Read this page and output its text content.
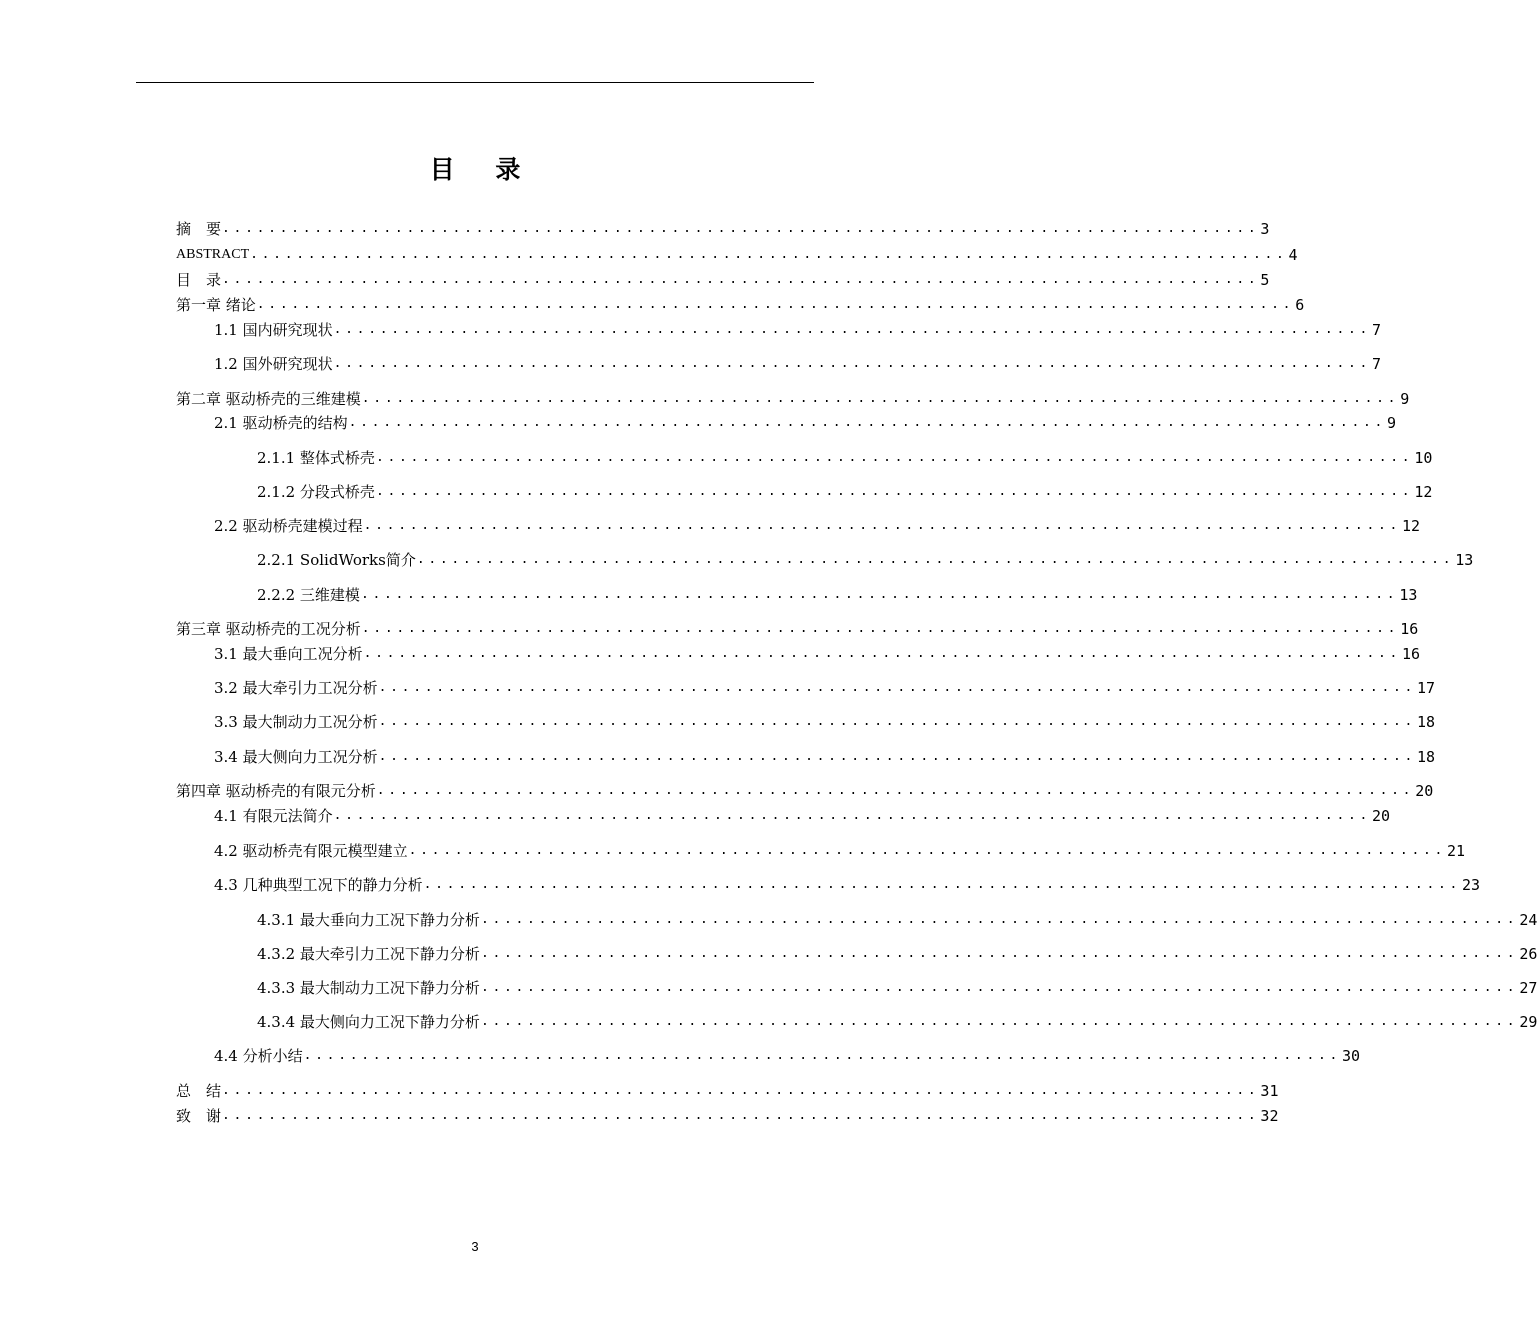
目 录
摘　要 .......................................................................................... 3
ABSTRACT .......................................................................................... 4
目　录 .......................................................................................... 5
第一章 绪论 .......................................................................................... 6
1.1 国内研究现状 .......................................................................................... 7
1.2 国外研究现状 .......................................................................................... 7
第二章 驱动桥壳的三维建模 .......................................................................................... 9
2.1 驱动桥壳的结构 .......................................................................................... 9
2.1.1 整体式桥壳 .......................................................................................... 10
2.1.2 分段式桥壳 .......................................................................................... 12
2.2 驱动桥壳建模过程 .......................................................................................... 12
2.2.1 SolidWorks简介 .......................................................................................... 13
2.2.2 三维建模 .......................................................................................... 13
第三章 驱动桥壳的工况分析 .......................................................................................... 16
3.1 最大垂向工况分析 .......................................................................................... 16
3.2 最大牵引力工况分析 .......................................................................................... 17
3.3 最大制动力工况分析 .......................................................................................... 18
3.4 最大侧向力工况分析 .......................................................................................... 18
第四章 驱动桥壳的有限元分析 .......................................................................................... 20
4.1 有限元法简介 .......................................................................................... 20
4.2 驱动桥壳有限元模型建立 .......................................................................................... 21
4.3 几种典型工况下的静力分析 .......................................................................................... 23
4.3.1 最大垂向力工况下静力分析 .......................................................................................... 24
4.3.2 最大牵引力工况下静力分析 .......................................................................................... 26
4.3.3 最大制动力工况下静力分析 .......................................................................................... 27
4.3.4 最大侧向力工况下静力分析 .......................................................................................... 29
4.4 分析小结 .......................................................................................... 30
总　结 .......................................................................................... 31
致　谢 .......................................................................................... 32
3
